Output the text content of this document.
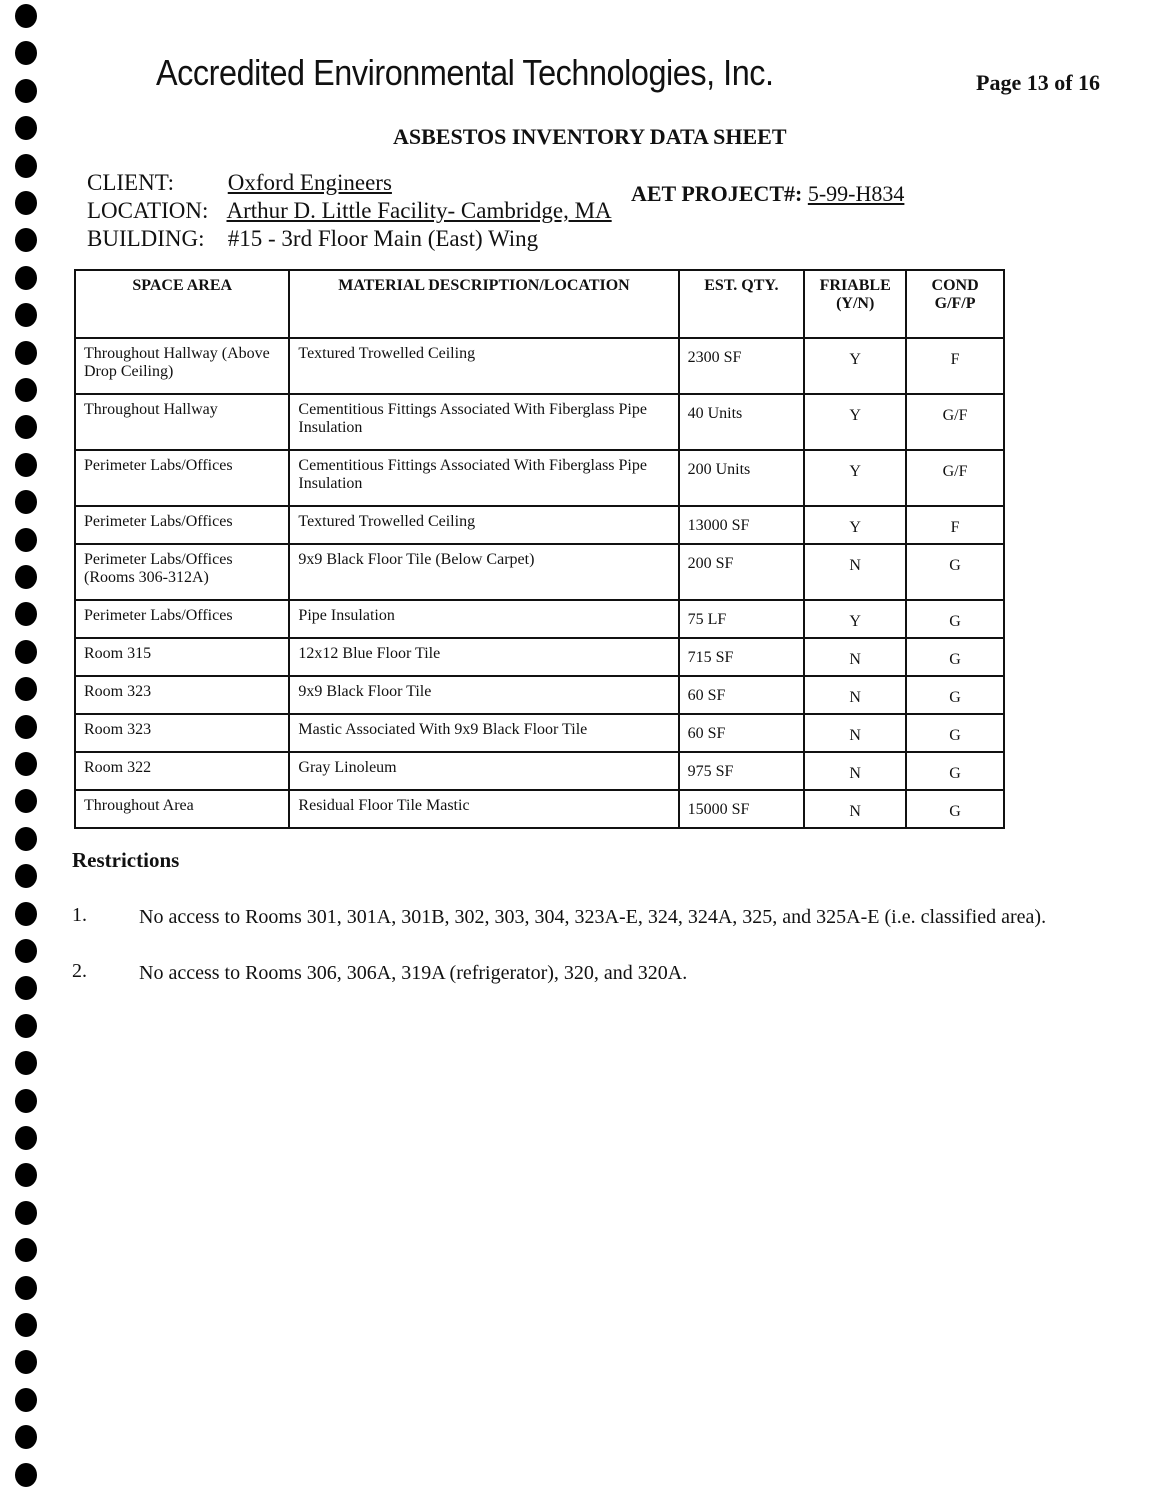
Accredited Environmental Technologies, Inc.	Page 13 of 16
ASBESTOS INVENTORY DATA SHEET
CLIENT: Oxford Engineers
LOCATION: Arthur D. Little Facility- Cambridge, MA
BUILDING: #15 - 3rd Floor Main (East) Wing
AET PROJECT#: 5-99-H834
SPACE AREA	MATERIAL DESCRIPTION/LOCATION	EST. QTY.	FRIABLE (Y/N)	COND G/F/P
Throughout Hallway (Above Drop Ceiling)	Textured Trowelled Ceiling	2300 SF	Y	F
Throughout Hallway	Cementitious Fittings Associated With Fiberglass Pipe Insulation	40 Units	Y	G/F
Perimeter Labs/Offices	Cementitious Fittings Associated With Fiberglass Pipe Insulation	200 Units	Y	G/F
Perimeter Labs/Offices	Textured Trowelled Ceiling	13000 SF	Y	F
Perimeter Labs/Offices (Rooms 306-312A)	9x9 Black Floor Tile (Below Carpet)	200 SF	N	G
Perimeter Labs/Offices	Pipe Insulation	75 LF	Y	G
Room 315	12x12 Blue Floor Tile	715 SF	N	G
Room 323	9x9 Black Floor Tile	60 SF	N	G
Room 323	Mastic Associated With 9x9 Black Floor Tile	60 SF	N	G
Room 322	Gray Linoleum	975 SF	N	G
Throughout Area	Residual Floor Tile Mastic	15000 SF	N	G
Restrictions
1.	No access to Rooms 301, 301A, 301B, 302, 303, 304, 323A-E, 324, 324A, 325, and 325A-E (i.e. classified area).
2.	No access to Rooms 306, 306A, 319A (refrigerator), 320, and 320A.
